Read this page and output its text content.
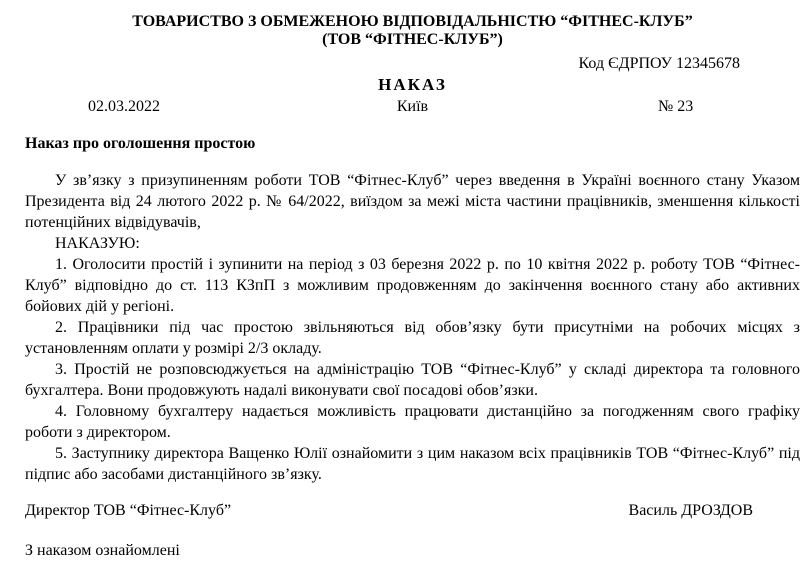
ТОВАРИСТВО З ОБМЕЖЕНОЮ ВІДПОВІДАЛЬНІСТЮ “ФІТНЕС-КЛУБ”
(ТОВ “ФІТНЕС-КЛУБ”)
Код ЄДРПОУ 12345678
НАКАЗ
02.03.2022	Київ	№ 23
Наказ про оголошення простою

У зв’язку з призупиненням роботи ТОВ “Фітнес-Клуб” через введення в Україні воєнного стану Указом Президента від 24 лютого 2022 р. № 64/2022, виїздом за межі міста частини працівників, зменшення кількості потенційних відвідувачів,

НАКАЗУЮ:

1. Оголосити простій і зупинити на період з 03 березня 2022 р. по 10 квітня 2022 р. роботу ТОВ “Фітнес-Клуб” відповідно до ст. 113 КЗпП з можливим продовженням до закінчення воєнного стану або активних бойових дій у регіоні.

2. Працівники під час простою звільняються від обов’язку бути присутніми на робочих місцях з установленням оплати у розмірі 2/3 окладу.

3. Простій не розповсюджується на адміністрацію ТОВ “Фітнес-Клуб” у складі директора та головного бухгалтера. Вони продовжують надалі виконувати свої посадові обов’язки.

4. Головному бухгалтеру надається можливість працювати дистанційно за погодженням свого графіку роботи з директором.

5. Заступнику директора Ващенко Юлії ознайомити з цим наказом всіх працівників ТОВ “Фітнес-Клуб” під підпис або засобами дистанційного зв’язку.

Директор ТОВ “Фітнес-Клуб”	Василь ДРОЗДОВ
З наказом ознайомлені
